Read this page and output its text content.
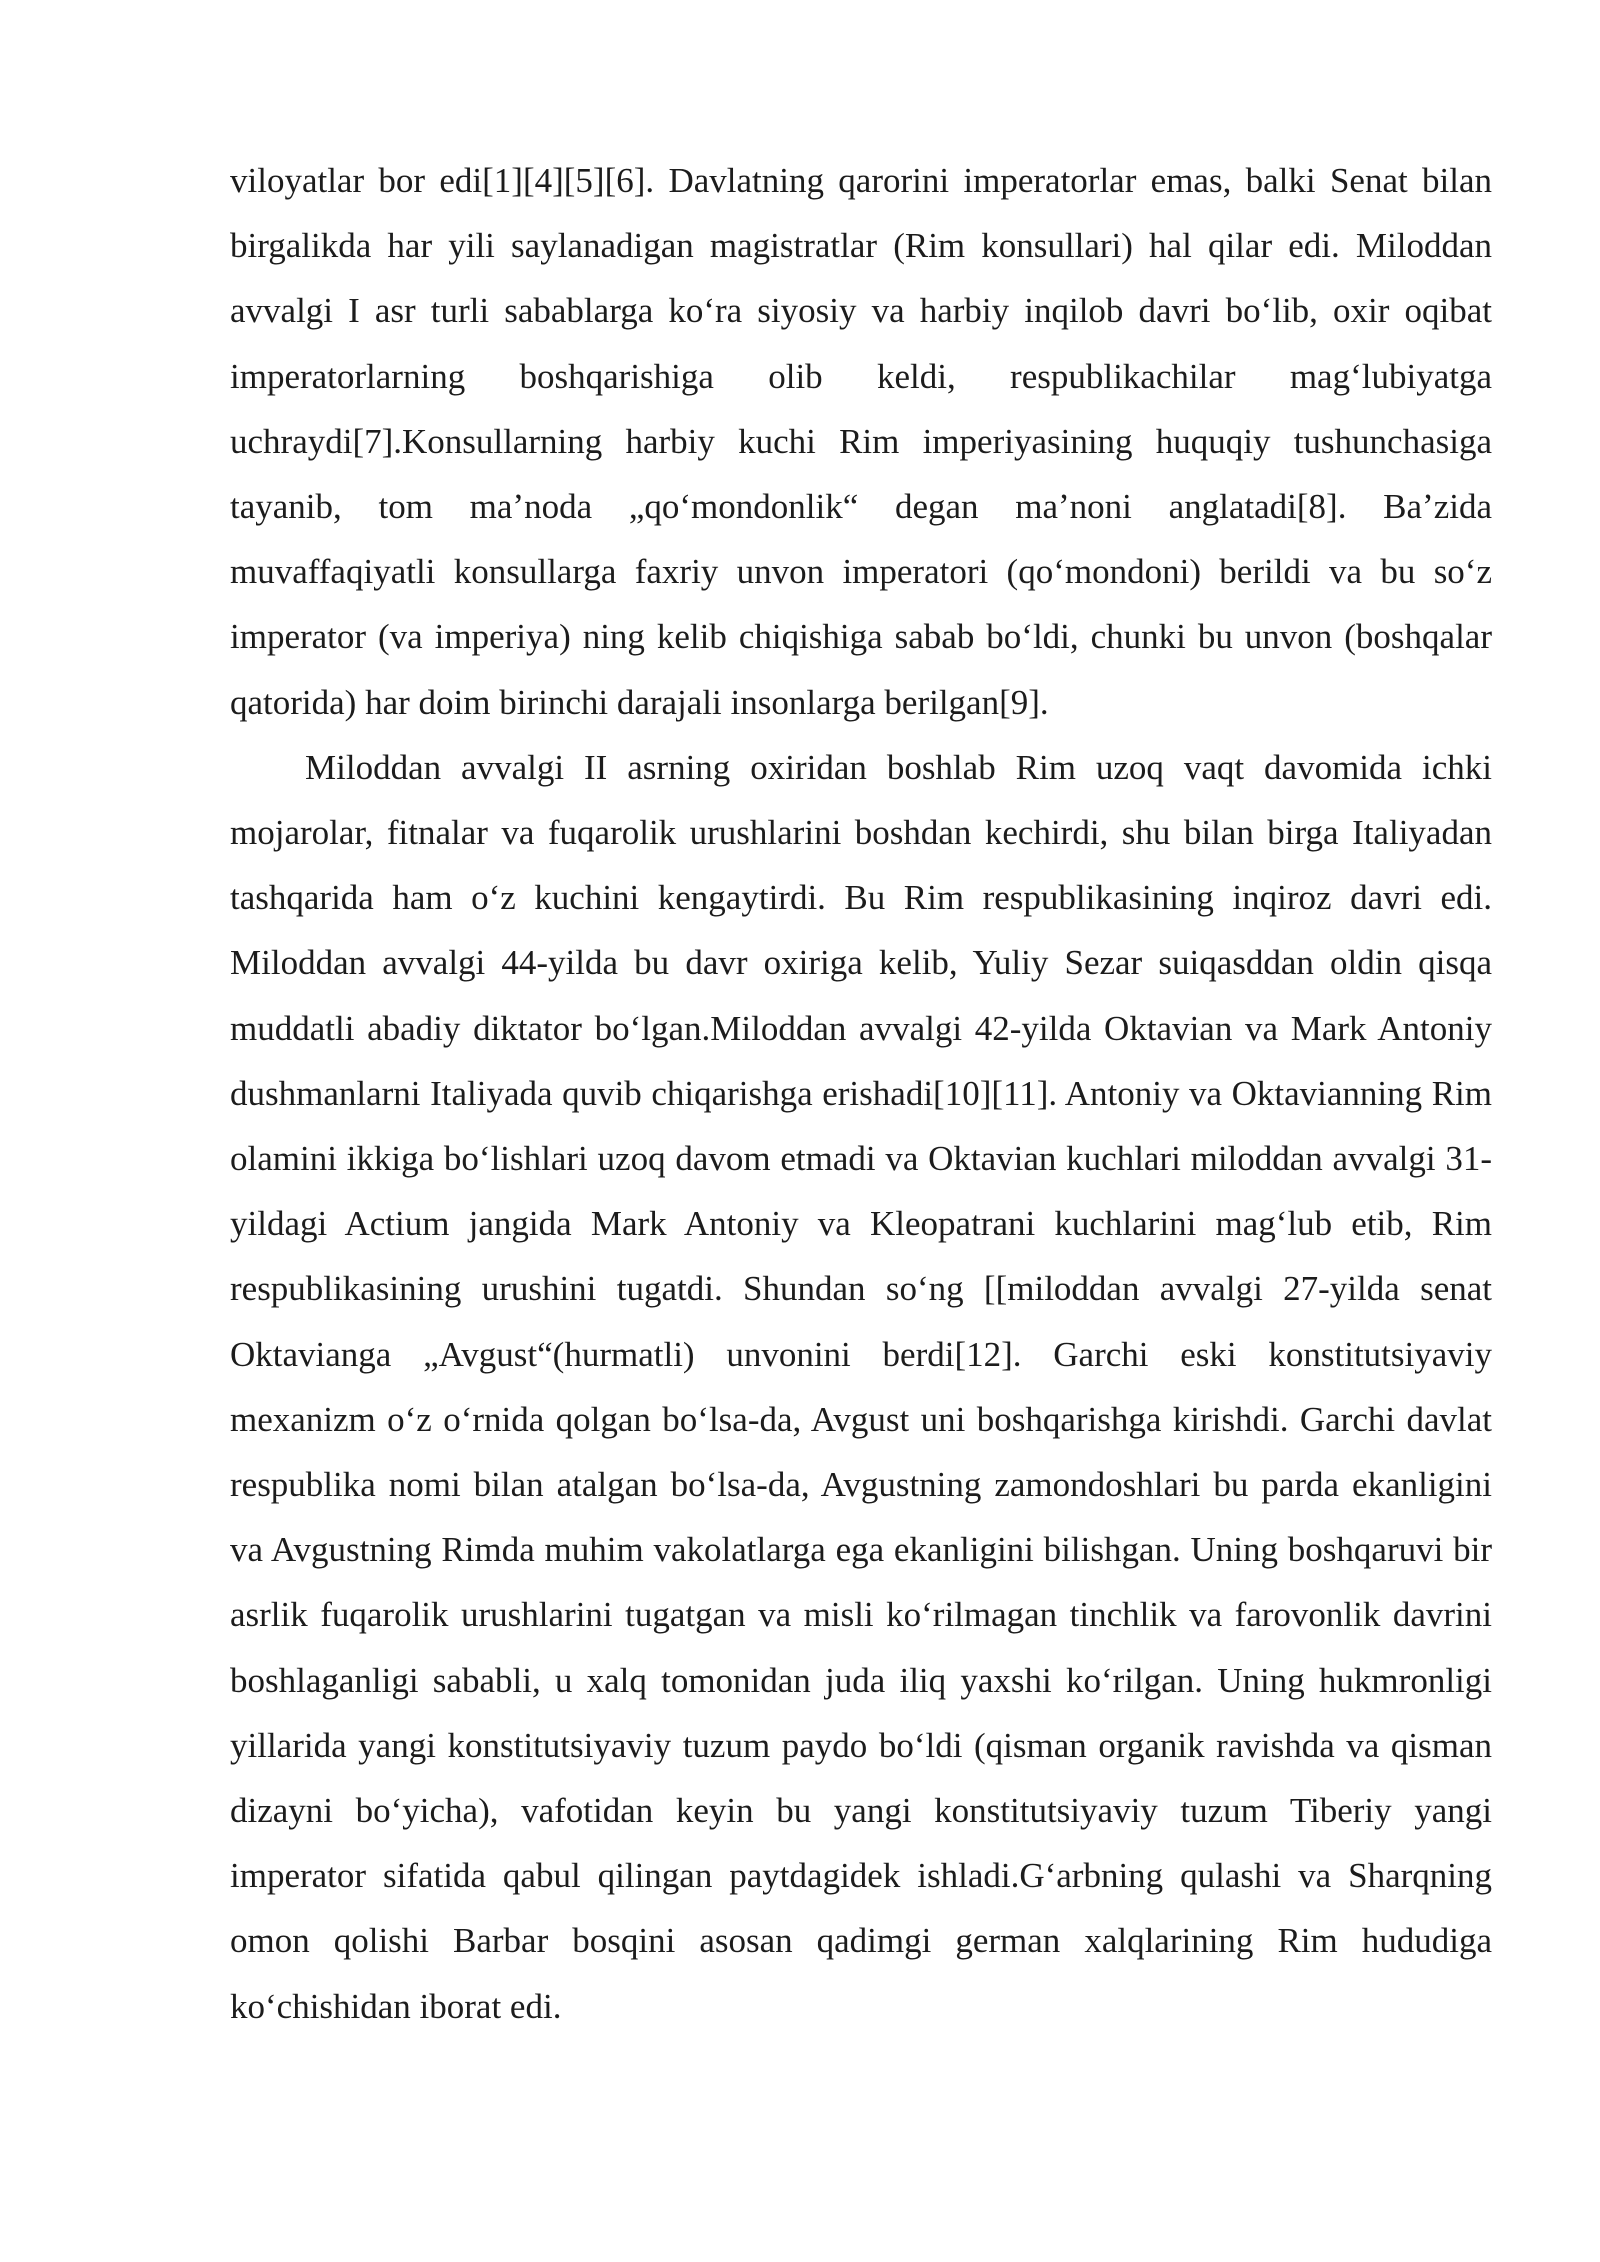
viloyatlar bor edi[1][4][5][6]. Davlatning qarorini imperatorlar emas, balki Senat bilan birgalikda har yili saylanadigan magistratlar (Rim konsullari) hal qilar edi. Miloddan avvalgi I asr turli sabablarga koʻra siyosiy va harbiy inqilob davri boʻlib, oxir oqibat imperatorlarning boshqarishiga olib keldi, respublikachilar magʻlubiyatga uchraydi[7].Konsullarning harbiy kuchi Rim imperiyasining huquqiy tushunchasiga tayanib, tom maʼnoda „qoʻmondonlik“ degan maʼnoni anglatadi[8]. Baʼzida muvaffaqiyatli konsullarga faxriy unvon imperatori (qoʻmondoni) berildi va bu soʻz imperator (va imperiya) ning kelib chiqishiga sabab boʻldi, chunki bu unvon (boshqalar qatorida) har doim birinchi darajali insonlarga berilgan[9].

Miloddan avvalgi II asrning oxiridan boshlab Rim uzoq vaqt davomida ichki mojarolar, fitnalar va fuqarolik urushlarini boshdan kechirdi, shu bilan birga Italiyadan tashqarida ham oʻz kuchini kengaytirdi. Bu Rim respublikasining inqiroz davri edi. Miloddan avvalgi 44-yilda bu davr oxiriga kelib, Yuliy Sezar suiqasddan oldin qisqa muddatli abadiy diktator boʻlgan.Miloddan avvalgi 42-yilda Oktavian va Mark Antoniy dushmanlarni Italiyada quvib chiqarishga erishadi[10][11]. Antoniy va Oktavianning Rim olamini ikkiga boʻlishlari uzoq davom etmadi va Oktavian kuchlari miloddan avvalgi 31-yildagi Actium jangida Mark Antoniy va Kleopatrani kuchlarini magʻlub etib, Rim respublikasining urushini tugatdi. Shundan soʻng [[miloddan avvalgi 27-yilda senat Oktavianga „Avgust“(hurmatli) unvonini berdi[12]. Garchi eski konstitutsiyaviy mexanizm oʻz oʻrnida qolgan boʻlsa-da, Avgust uni boshqarishga kirishdi. Garchi davlat respublika nomi bilan atalgan boʻlsa-da, Avgustning zamondoshlari bu parda ekanligini va Avgustning Rimda muhim vakolatlarga ega ekanligini bilishgan. Uning boshqaruvi bir asrlik fuqarolik urushlarini tugatgan va misli koʻrilmagan tinchlik va farovonlik davrini boshlaganligi sababli, u xalq tomonidan juda iliq yaxshi koʻrilgan. Uning hukmronligi yillarida yangi konstitutsiyaviy tuzum paydo boʻldi (qisman organik ravishda va qisman dizayni boʻyicha), vafotidan keyin bu yangi konstitutsiyaviy tuzum Tiberiy yangi imperator sifatida qabul qilingan paytdagidek ishladi.Gʻarbning qulashi va Sharqning omon qolishi Barbar bosqini asosan qadimgi german xalqlarining Rim hududiga koʻchishidan iborat edi.
